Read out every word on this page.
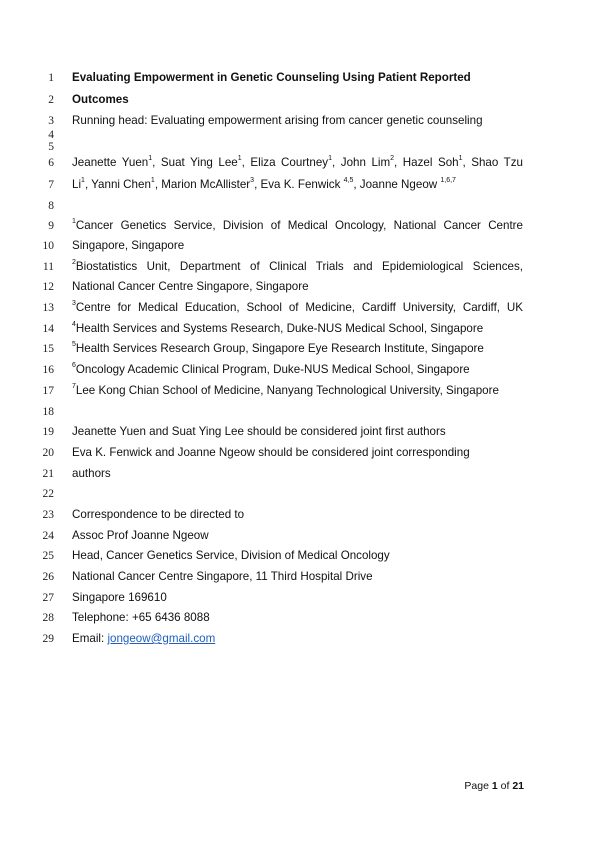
1 Evaluating Empowerment in Genetic Counseling Using Patient Reported
2 Outcomes
3 Running head: Evaluating empowerment arising from cancer genetic counseling
4
5
6 Jeanette Yuen$^1$, Suat Ying Lee$^1$, Eliza Courtney$^1$, John Lim$^2$, Hazel Soh$^1$, Shao Tzu
7 Li$^1$, Yanni Chen$^1$, Marion McAllister$^3$, Eva K. Fenwick $^{4,5}$, Joanne Ngeow $^{1,6,7}$
8
9	$^1$Cancer Genetics Service, Division of Medical Oncology, National Cancer Centre
10 Singapore, Singapore
11	$^2$Biostatistics Unit, Department of Clinical Trials and Epidemiological Sciences,
12 National Cancer Centre Singapore, Singapore
13	$^3$Centre for Medical Education, School of Medicine, Cardiff University, Cardiff, UK
14	$^4$Health Services and Systems Research, Duke-NUS Medical School, Singapore
15	$^5$Health Services Research Group, Singapore Eye Research Institute, Singapore
16	$^6$Oncology Academic Clinical Program, Duke-NUS Medical School, Singapore
17	$^7$Lee Kong Chian School of Medicine, Nanyang Technological University, Singapore
18
19 Jeanette Yuen and Suat Ying Lee should be considered joint first authors
20 Eva K. Fenwick and Joanne Ngeow should be considered joint corresponding
21 authors
22
23 Correspondence to be directed to
24 Assoc Prof Joanne Ngeow
25 Head, Cancer Genetics Service, Division of Medical Oncology
26 National Cancer Centre Singapore, 11 Third Hospital Drive
27 Singapore 169610
28 Telephone: +65 6436 8088
29 Email: jongeow@gmail.com
Page 1 of 21
